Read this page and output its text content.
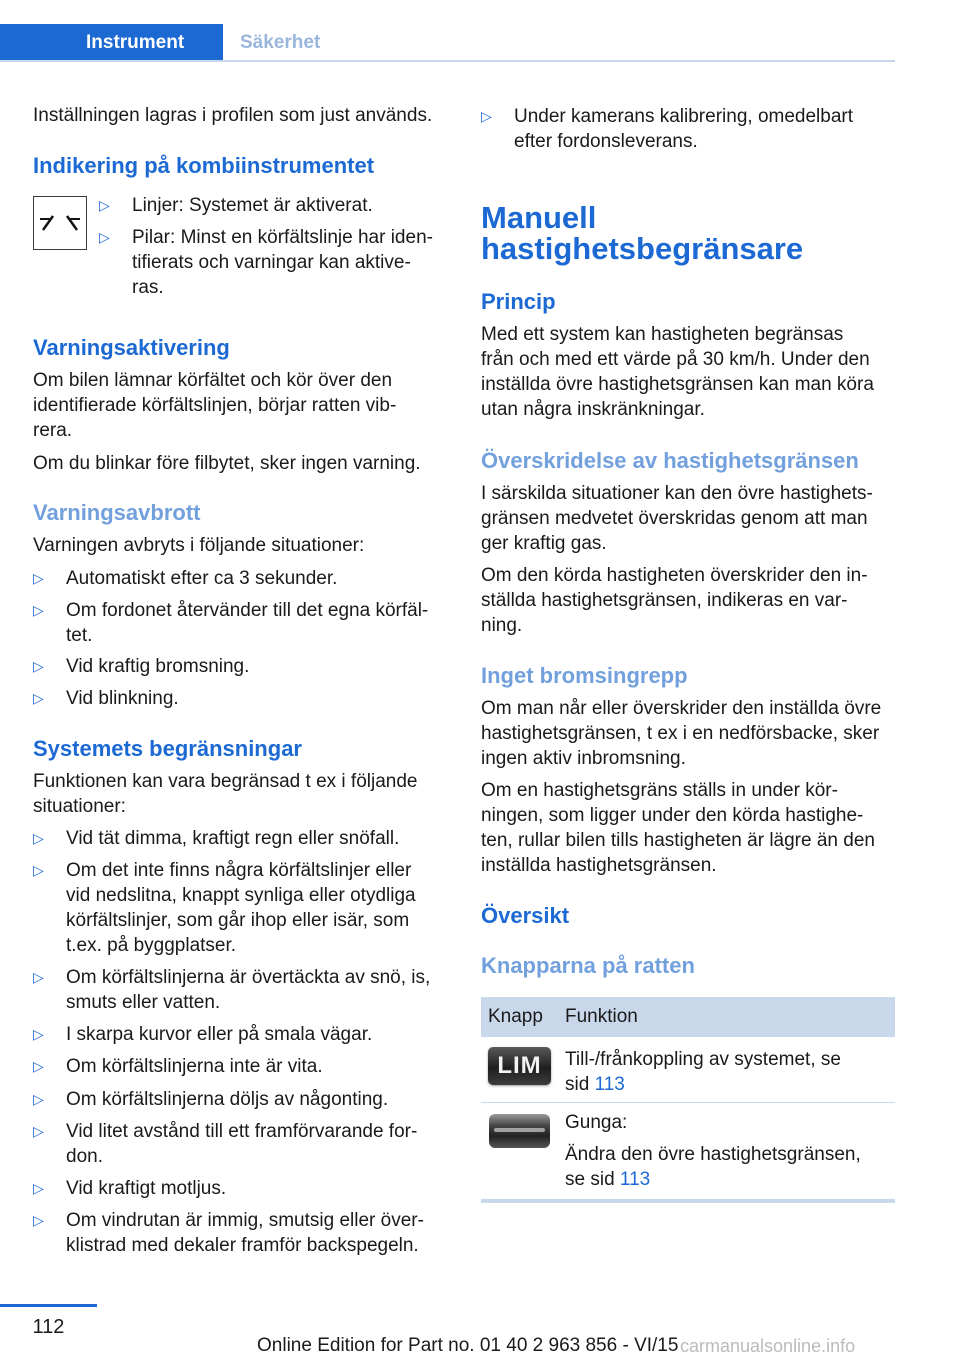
Instrument	Säkerhet

Inställningen lagras i profilen som just används.

Indikering på kombiinstrumentet
▷ Linjer: Systemet är aktiverat.
▷ Pilar: Minst en körfältslinje har iden‐
tifierats och varningar kan aktive‐
ras.
Varningsaktivering
Om bilen lämnar körfältet och kör över den
identifierade körfältslinjen, börjar ratten vib‐
rera.
Om du blinkar före filbytet, sker ingen varning.
Varningsavbrott
Varningen avbryts i följande situationer:
▷ Automatiskt efter ca 3 sekunder.
▷ Om fordonet återvänder till det egna körfäl‐
tet.
▷ Vid kraftig bromsning.
▷ Vid blinkning.
Systemets begränsningar
Funktionen kan vara begränsad t ex i följande
situationer:
▷ Vid tät dimma, kraftigt regn eller snöfall.
▷ Om det inte finns några körfältslinjer eller
vid nedslitna, knappt synliga eller otydliga
körfältslinjer, som går ihop eller isär, som
t.ex. på byggplatser.
▷ Om körfältslinjerna är övertäckta av snö, is,
smuts eller vatten.
▷ I skarpa kurvor eller på smala vägar.
▷ Om körfältslinjerna inte är vita.
▷ Om körfältslinjerna döljs av någonting.
▷ Vid litet avstånd till ett framförvarande for‐
don.
▷ Vid kraftigt motljus.
▷ Om vindrutan är immig, smutsig eller över‐
klistrad med dekaler framför backspegeln.
▷ Under kamerans kalibrering, omedelbart
efter fordonsleverans.
Manuell
hastighetsbegränsare
Princip
Med ett system kan hastigheten begränsas
från och med ett värde på 30 km/h. Under den
inställda övre hastighetsgränsen kan man köra
utan några inskränkningar.
Överskridelse av hastighetsgränsen
I särskilda situationer kan den övre hastighets‐
gränsen medvetet överskridas genom att man
ger kraftig gas.
Om den körda hastigheten överskrider den in‐
ställda hastighetsgränsen, indikeras en var‐
ning.
Inget bromsingrepp
Om man når eller överskrider den inställda övre
hastighetsgränsen, t ex i en nedförsbacke, sker
ingen aktiv inbromsning.
Om en hastighetsgräns ställs in under kör‐
ningen, som ligger under den körda hastighe‐
ten, rullar bilen tills hastigheten är lägre än den
inställda hastighetsgränsen.
Översikt
Knapparna på ratten
Knapp Funktion
LIM	Till-/frånkoppling av systemet, se
sid 113
Gunga:
Ändra den övre hastighetsgränsen,
se sid 113
112
Online Edition for Part no. 01 40 2 963 856 - VI/15 carmanualsonline.info
